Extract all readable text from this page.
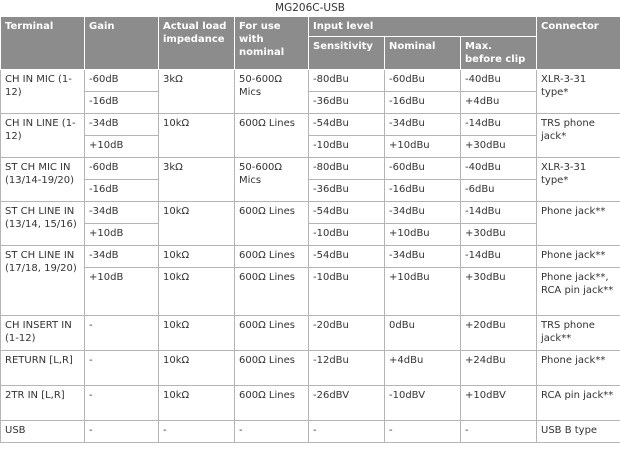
MG206C-USB
Terminal	Gain	Actual load impedance	For use with nominal	Input level			Connector
				Sensitivity	Nominal	Max. before clip	
CH IN MIC (1-12)	-60dB	3kΩ	50-600Ω Mics	-80dBu	-60dBu	-40dBu	XLR-3-31 type*
	-16dB			-36dBu	-16dBu	+4dBu	
CH IN LINE (1-12)	-34dB	10kΩ	600Ω Lines	-54dBu	-34dBu	-14dBu	TRS phone jack*
	+10dB			-10dBu	+10dBu	+30dBu	
ST CH MIC IN (13/14-19/20)	-60dB	3kΩ	50-600Ω Mics	-80dBu	-60dBu	-40dBu	XLR-3-31 type*
	-16dB			-36dBu	-16dBu	-6dBu	
ST CH LINE IN (13/14, 15/16)	-34dB	10kΩ	600Ω Lines	-54dBu	-34dBu	-14dBu	Phone jack**
	+10dB			-10dBu	+10dBu	+30dBu	
ST CH LINE IN (17/18, 19/20)	-34dB	10kΩ	600Ω Lines	-54dBu	-34dBu	-14dBu	Phone jack**
	+10dB	10kΩ	600Ω Lines	-10dBu	+10dBu	+30dBu	Phone jack**, RCA pin jack**
CH INSERT IN (1-12)	-	10kΩ	600Ω Lines	-20dBu	0dBu	+20dBu	TRS phone jack**
RETURN [L,R]	-	10kΩ	600Ω Lines	-12dBu	+4dBu	+24dBu	Phone jack**
2TR IN [L,R]	-	10kΩ	600Ω Lines	-26dBV	-10dBV	+10dBV	RCA pin jack**
USB	-	-	-	-	-	-	USB B type
